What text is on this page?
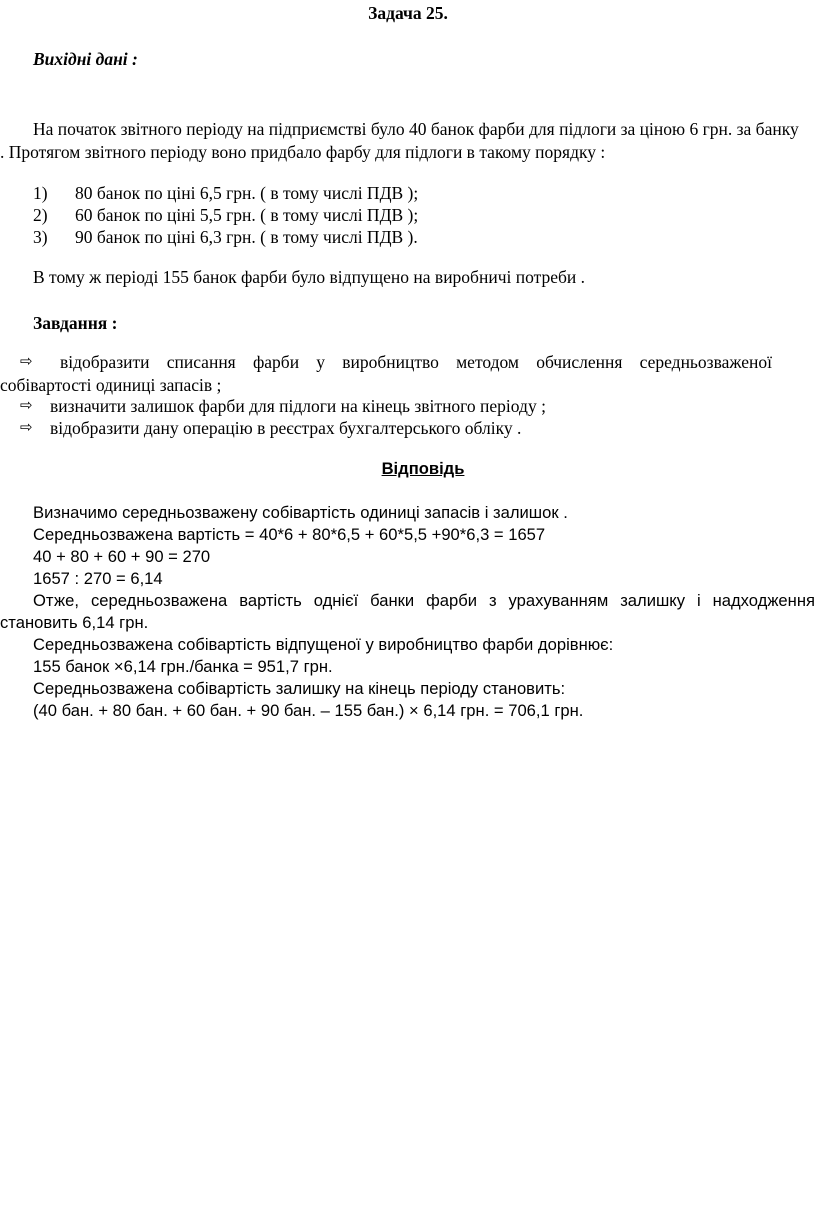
Задача 25.
Вихідні дані :
На початок звітного періоду на підприємстві було 40 банок фарби для підлоги за ціною 6 грн. за банку
. Протягом звітного періоду воно придбало фарбу для підлоги в такому порядку :
1) 80 банок по ціні 6,5 грн. ( в тому числі ПДВ );
2) 60 банок по ціні 5,5 грн. ( в тому числі ПДВ );
3) 90 банок по ціні 6,3 грн. ( в тому числі ПДВ ).
В тому ж періоді 155 банок фарби було відпущено на виробничі потреби .
Завдання :
⇨ відобразити списання фарби у виробництво методом обчислення середньозваженої
собівартості одиниці запасів ;
⇨ визначити залишок фарби для підлоги на кінець звітного періоду ;
⇨ відобразити дану операцію в реєстрах бухгалтерського обліку .
Відповідь
Визначимо середньозважену собівартість одиниці запасів і залишок .
Середньозважена вартість = 40*6 + 80*6,5 + 60*5,5 +90*6,3 = 1657
40 + 80 + 60 + 90 = 270
1657 : 270 = 6,14
Отже, середньозважена вартість однієї банки фарби з урахуванням залишку і надходження
становить 6,14 грн.
Середньозважена собівартість відпущеної у виробництво фарби дорівнює:
155 банок ×6,14 грн./банка = 951,7 грн.
Середньозважена собівартість залишку на кінець періоду становить:
(40 бан. + 80 бан. + 60 бан. + 90 бан. – 155 бан.) × 6,14 грн. = 706,1 грн.
